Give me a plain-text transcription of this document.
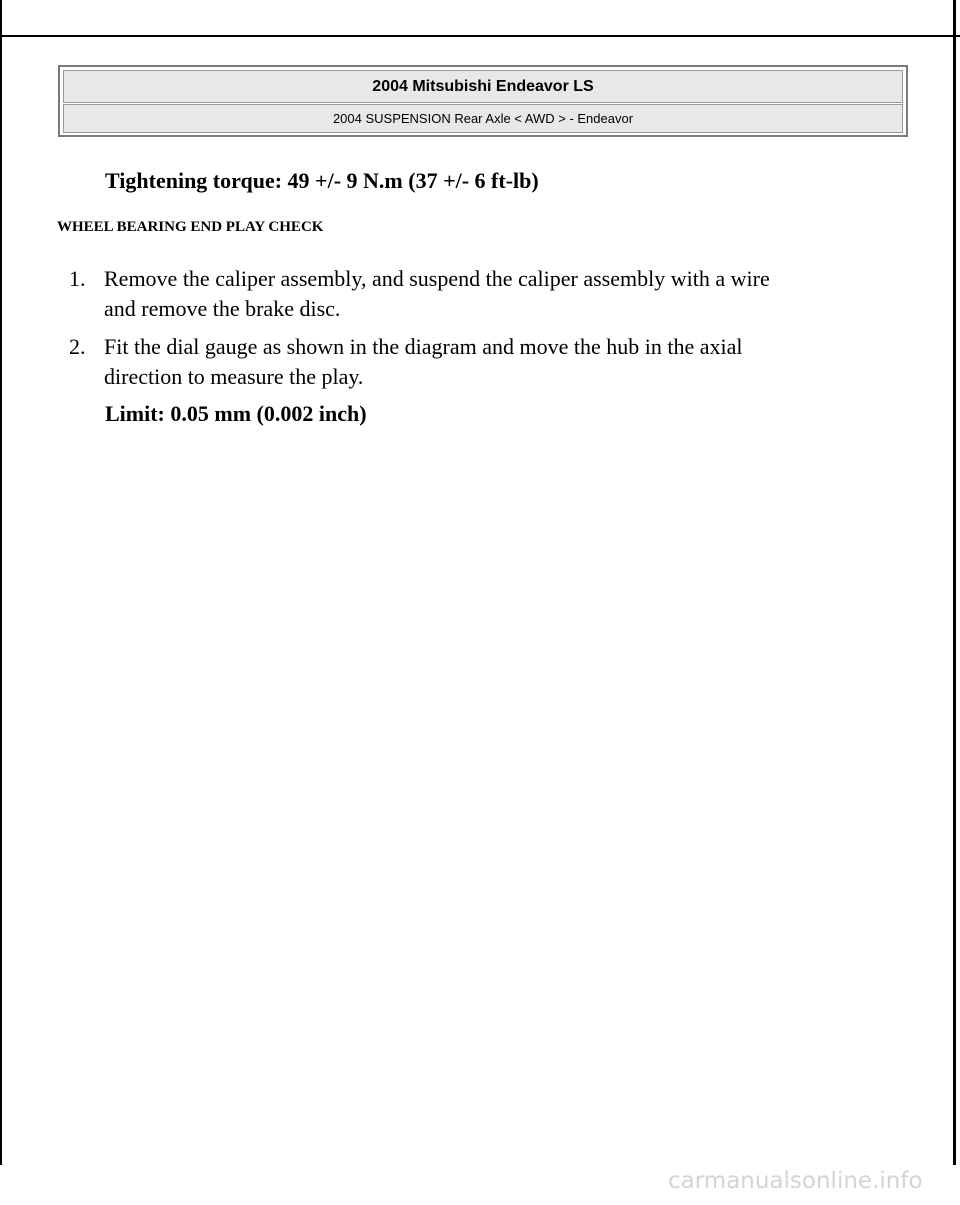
2004 Mitsubishi Endeavor LS
2004 SUSPENSION Rear Axle < AWD > - Endeavor
Tightening torque: 49 +/- 9 N.m (37 +/- 6 ft-lb)
WHEEL BEARING END PLAY CHECK
1. Remove the caliper assembly, and suspend the caliper assembly with a wire
and remove the brake disc.
2. Fit the dial gauge as shown in the diagram and move the hub in the axial
direction to measure the play.
Limit: 0.05 mm (0.002 inch)
carmanualsonline.info
